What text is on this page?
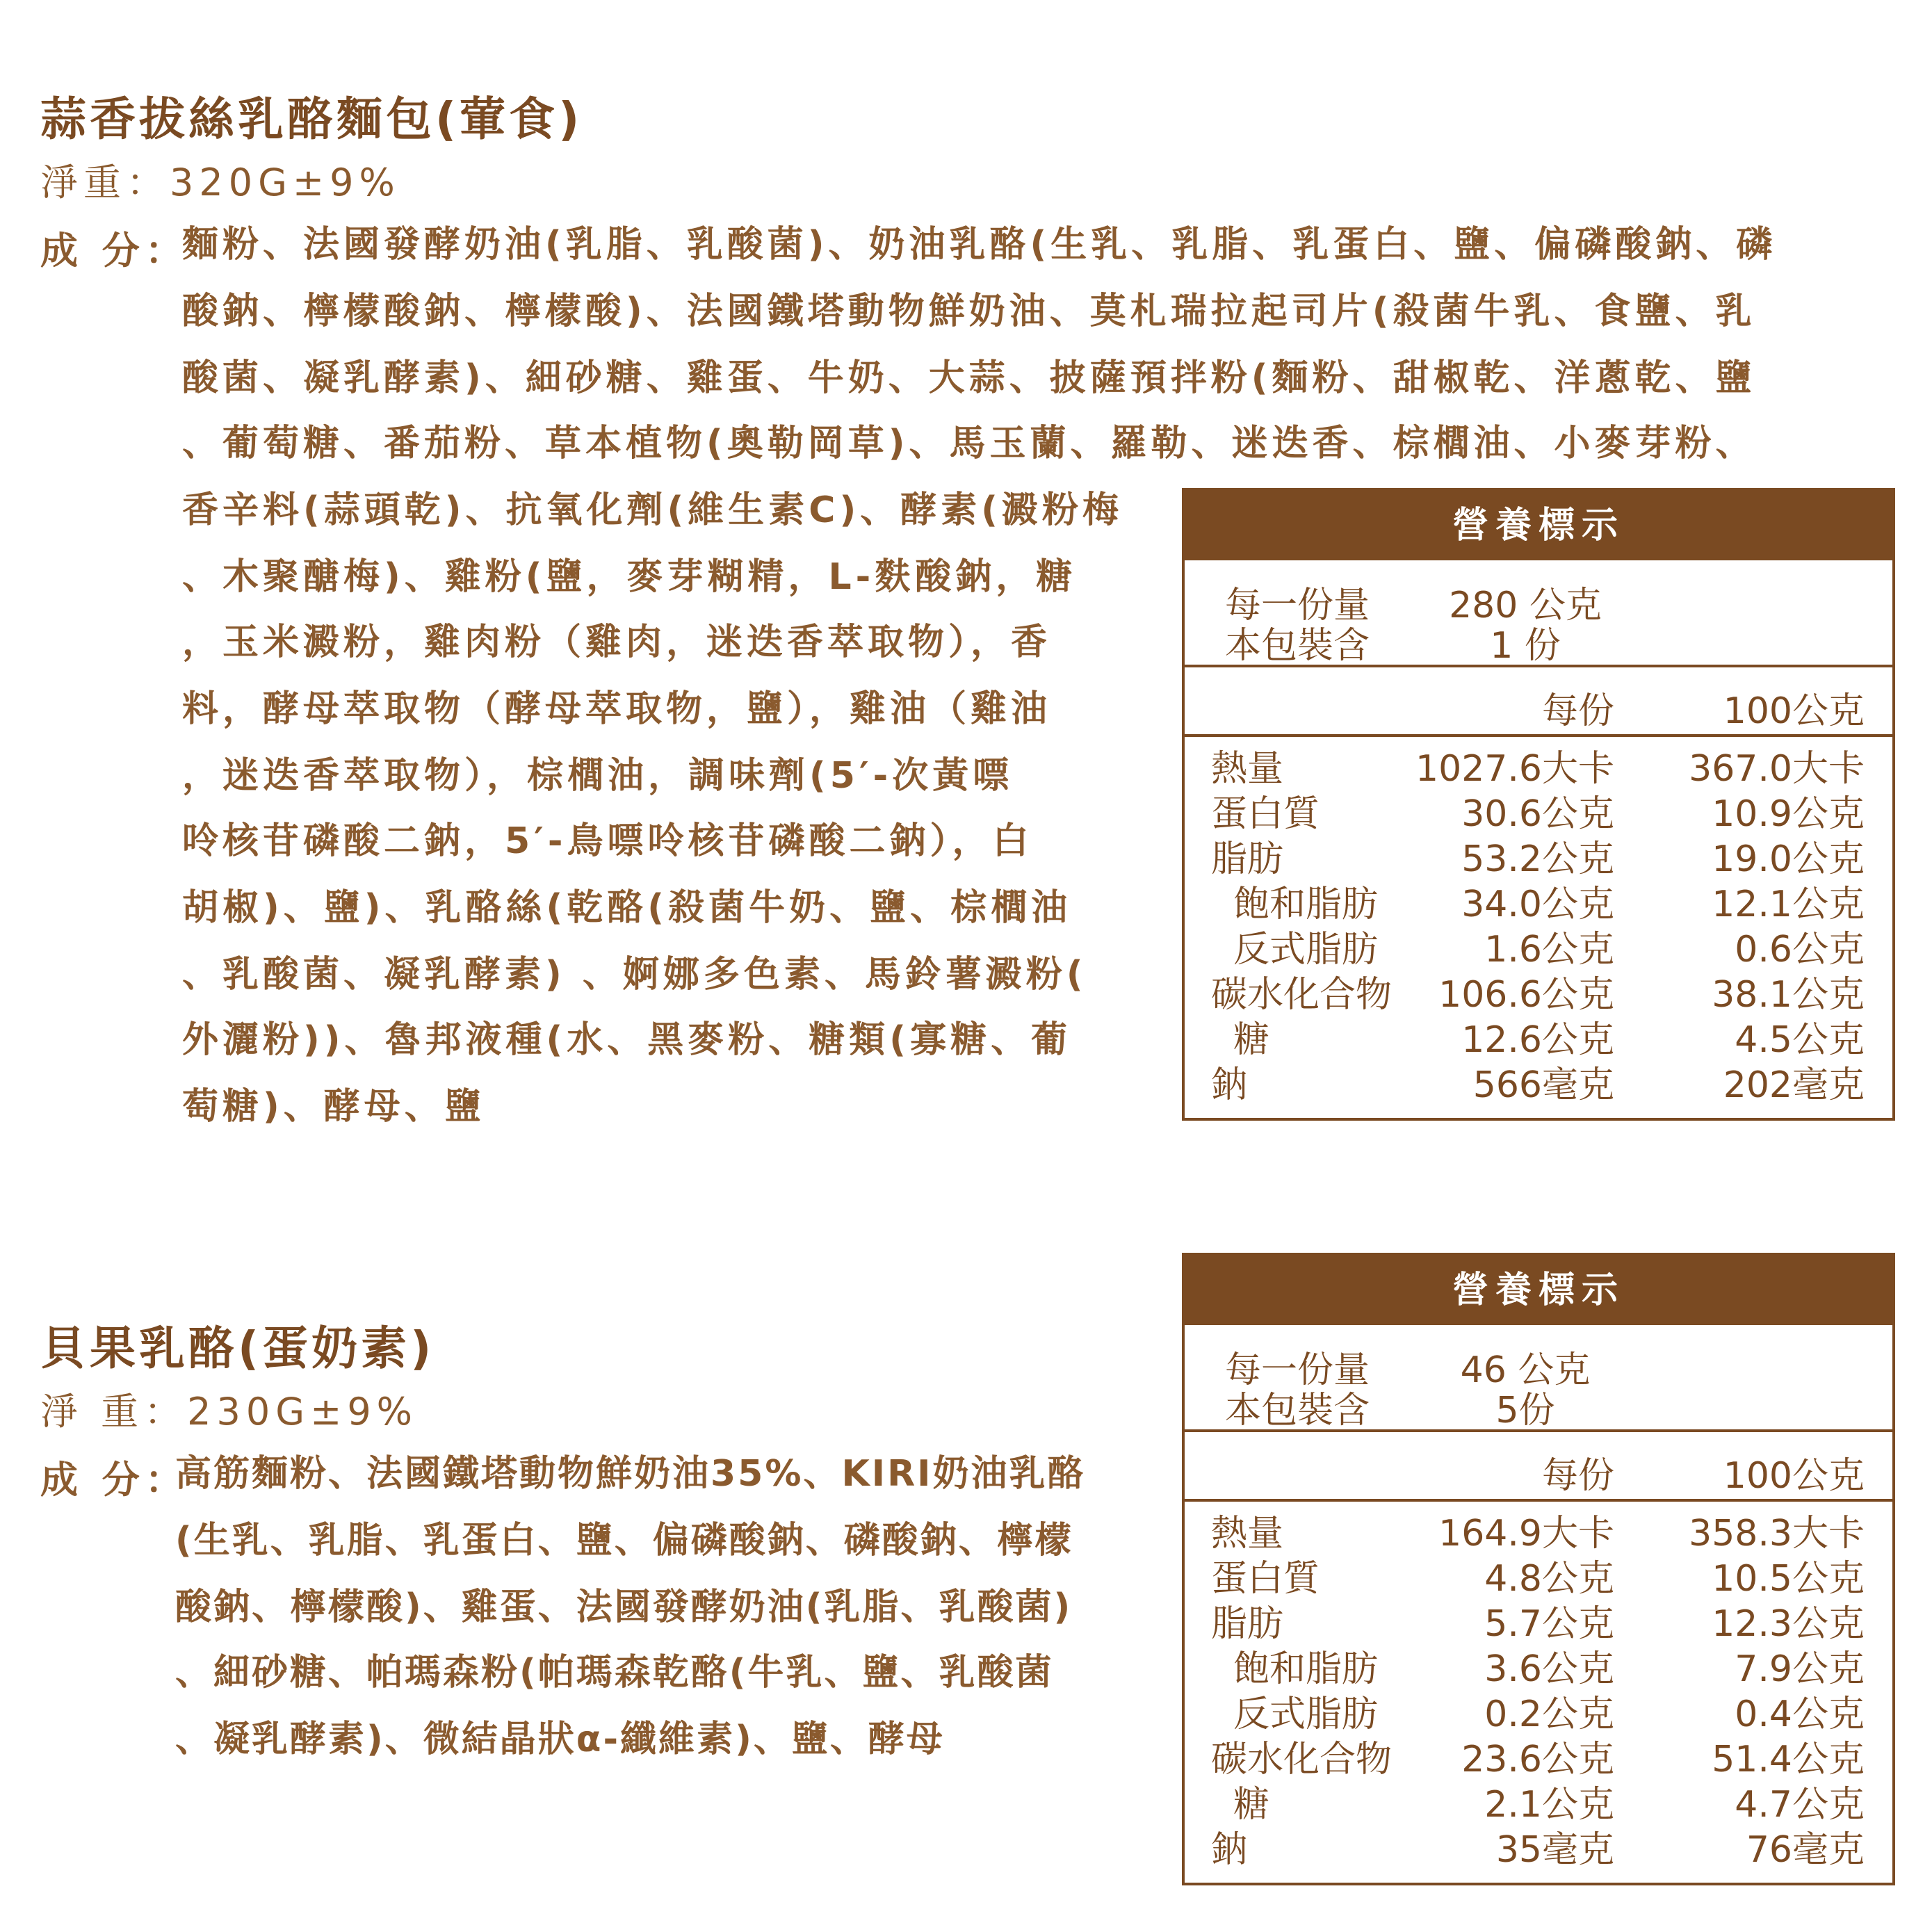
蒜香拔絲乳酪麵包(葷食)
淨重：320G±9%
成 分：
麵粉、法國發酵奶油(乳脂、乳酸菌)、奶油乳酪(生乳、乳脂、乳蛋白、鹽、偏磷酸鈉、磷
酸鈉、檸檬酸鈉、檸檬酸)、法國鐵塔動物鮮奶油、莫札瑞拉起司片(殺菌牛乳、食鹽、乳
酸菌、凝乳酵素)、細砂糖、雞蛋、牛奶、大蒜、披薩預拌粉(麵粉、甜椒乾、洋蔥乾、鹽
、葡萄糖、番茄粉、草本植物(奧勒岡草)、馬玉蘭、羅勒、迷迭香、棕櫚油、小麥芽粉、
香辛料(蒜頭乾)、抗氧化劑(維生素C)、酵素(澱粉梅
、木聚醣梅)、雞粉(鹽，麥芽糊精，L-麩酸鈉，糖
，玉米澱粉，雞肉粉（雞肉，迷迭香萃取物），香
料，酵母萃取物（酵母萃取物，鹽），雞油（雞油
，迷迭香萃取物），棕櫚油，調味劑(5′-次黃嘌
呤核苷磷酸二鈉，5′-鳥嘌呤核苷磷酸二鈉），白
胡椒)、鹽)、乳酪絲(乾酪(殺菌牛奶、鹽、棕櫚油
、乳酸菌、凝乳酵素) 、婀娜多色素、馬鈴薯澱粉(
外灑粉))、魯邦液種(水、黑麥粉、糖類(寡糖、葡
萄糖)、酵母、鹽
營養標示
每一份量	280 公克
本包裝含	1 份
每份	100公克
熱量	1027.6大卡 367.0大卡
蛋白質	30.6公克	10.9公克
脂肪	53.2公克	19.0公克
飽和脂肪 34.0公克	12.1公克
反式脂肪	1.6公克	0.6公克
碳水化合物 106.6公克	38.1公克
糖	12.6公克	4.5公克
鈉	566毫克	202毫克
貝果乳酪(蛋奶素)
淨 重：230G±9%
成 分：
高筋麵粉、法國鐵塔動物鮮奶油35%、KIRI奶油乳酪
(生乳、乳脂、乳蛋白、鹽、偏磷酸鈉、磷酸鈉、檸檬
酸鈉、檸檬酸)、雞蛋、法國發酵奶油(乳脂、乳酸菌)
、細砂糖、帕瑪森粉(帕瑪森乾酪(牛乳、鹽、乳酸菌
、凝乳酵素)、微結晶狀α-纖維素)、鹽、酵母
營養標示
每一份量	46 公克
本包裝含	5份
每份	100公克
熱量	164.9大卡 358.3大卡
蛋白質	4.8公克	10.5公克
脂肪	5.7公克	12.3公克
飽和脂肪	3.6公克	7.9公克
反式脂肪	0.2公克	0.4公克
碳水化合物 23.6公克	51.4公克
糖	2.1公克	4.7公克
鈉	35毫克	76毫克
